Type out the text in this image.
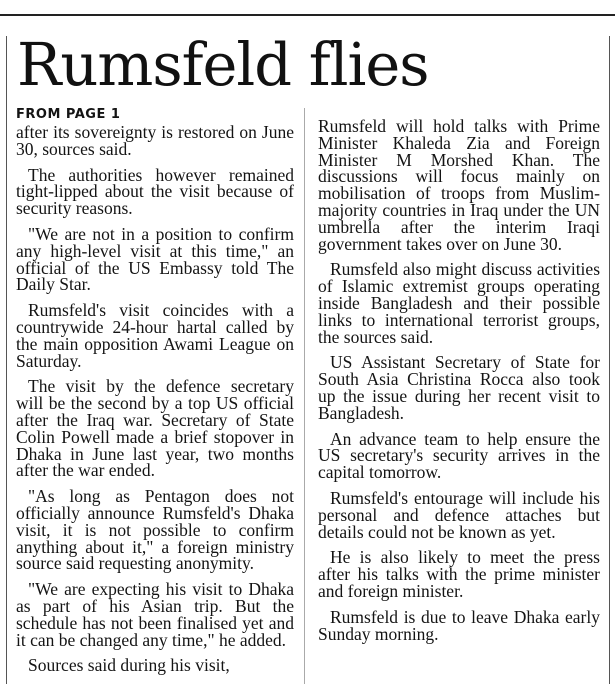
Rumsfeld flies
FROM PAGE 1

after its sovereignty is restored on June 30, sources said.

The authorities however remained tight-lipped about the visit because of security reasons.

"We are not in a position to confirm any high-level visit at this time," an official of the US Embassy told The Daily Star.

Rumsfeld's visit coincides with a countrywide 24-hour hartal called by the main opposition Awami League on Saturday.

The visit by the defence secretary will be the second by a top US official after the Iraq war. Secretary of State Colin Powell made a brief stopover in Dhaka in June last year, two months after the war ended.

"As long as Pentagon does not officially announce Rumsfeld's Dhaka visit, it is not possible to confirm anything about it," a foreign ministry source said requesting anonymity.

"We are expecting his visit to Dhaka as part of his Asian trip. But the schedule has not been finalised yet and it can be changed any time," he added.

Sources said during his visit,

Rumsfeld will hold talks with Prime Minister Khaleda Zia and Foreign Minister M Morshed Khan. The discussions will focus mainly on mobilisation of troops from Muslim-majority countries in Iraq under the UN umbrella after the interim Iraqi government takes over on June 30.

Rumsfeld also might discuss activities of Islamic extremist groups operating inside Bangladesh and their possible links to international terrorist groups, the sources said.

US Assistant Secretary of State for South Asia Christina Rocca also took up the issue during her recent visit to Bangladesh.

An advance team to help ensure the US secretary's security arrives in the capital tomorrow.

Rumsfeld's entourage will include his personal and defence attaches but details could not be known as yet.

He is also likely to meet the press after his talks with the prime minister and foreign minister.

Rumsfeld is due to leave Dhaka early Sunday morning.
